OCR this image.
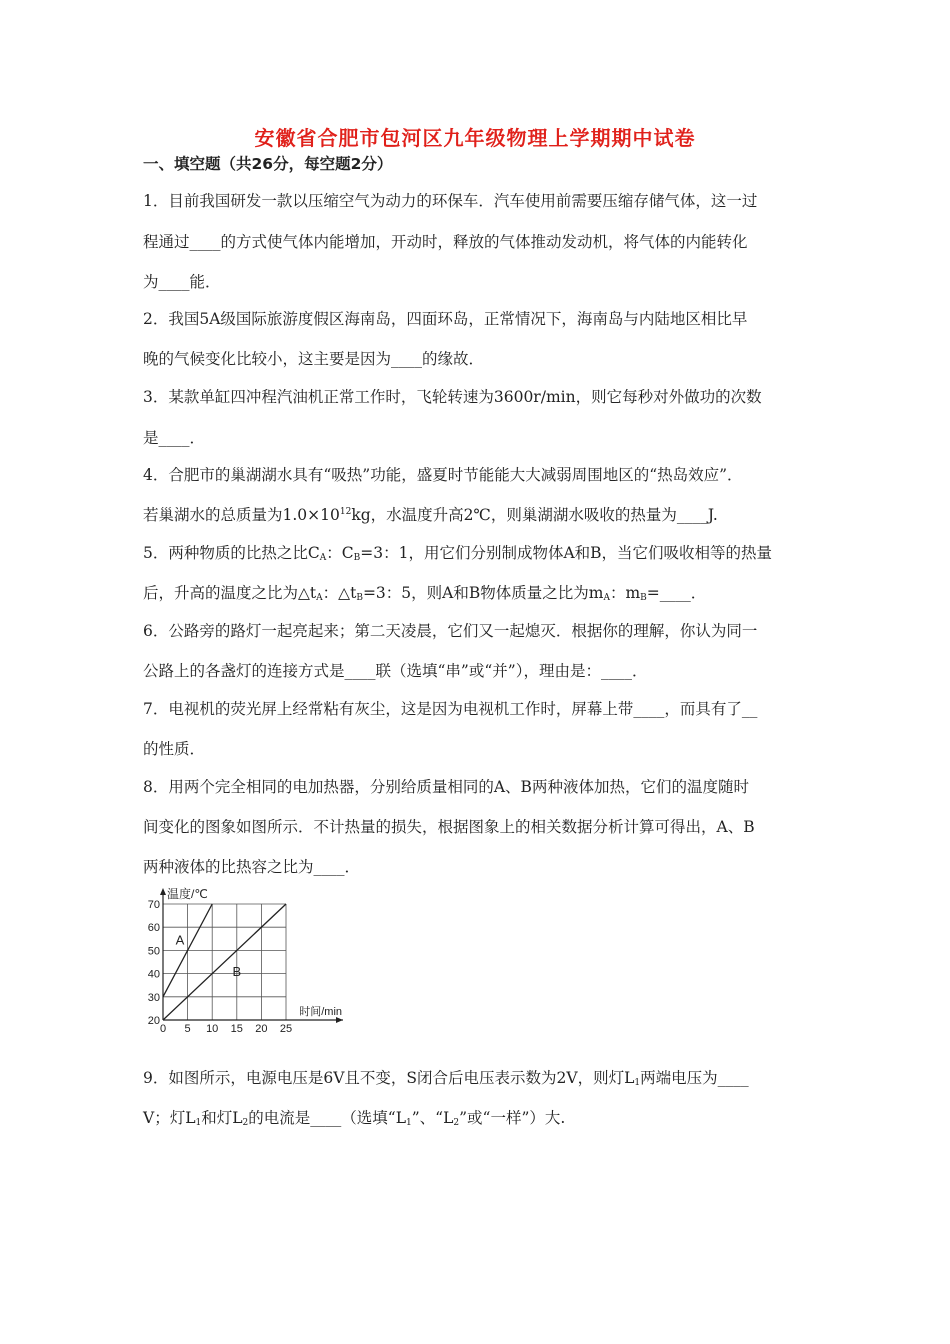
安徽省合肥市包河区九年级物理上学期期中试卷
一、填空题（共26分，每空题2分）
1．目前我国研发一款以压缩空气为动力的环保车．汽车使用前需要压缩存储气体，这一过
程通过____的方式使气体内能增加，开动时，释放的气体推动发动机，将气体的内能转化
为____能．
2．我国5A级国际旅游度假区海南岛，四面环岛，正常情况下，海南岛与内陆地区相比早
晚的气候变化比较小，这主要是因为____的缘故．
3．某款单缸四冲程汽油机正常工作时，飞轮转速为3600r/min，则它每秒对外做功的次数
是____．
4．合肥市的巢湖湖水具有“吸热”功能，盛夏时节能能大大减弱周围地区的“热岛效应”．
若巢湖水的总质量为$1.0\times 10^{12}kg$，水温度升高2℃，则巢湖湖水吸收的热量为____J.
5．两种物质的比热之比$C_A$：$C_B=3$：1，用它们分别制成物体A和B，当它们吸收相等的热量
后，升高的温度之比为$\triangle t_A$：$\triangle t_B=3$：5，则A和B物体质量之比为$m_A$：$m_B=\_\_\_\_$．
6．公路旁的路灯一起亮起来；第二天凌晨，它们又一起熄灭．根据你的理解，你认为同一
公路上的各盏灯的连接方式是____联（选填“串”或“并”），理由是：____．
7．电视机的荧光屏上经常粘有灰尘，这是因为电视机工作时，屏幕上带____，而具有了__
的性质．
8．用两个完全相同的电加热器，分别给质量相同的A、B两种液体加热，它们的温度随时
间变化的图象如图所示．不计热量的损失，根据图象上的相关数据分析计算可得出，A、B
两种液体的比热容之比为____．
20
30
40
50
60
70
0 5 10 15 20 25
温度/℃
时间/min
A
B
9．如图所示，电源电压是6V且不变，S闭合后电压表示数为2V，则灯$L_1$两端电压为____
V；灯$L_1$和灯$L_2$的电流是____（选填“$L_1$”、“$L_2$”或“一样”）大.
